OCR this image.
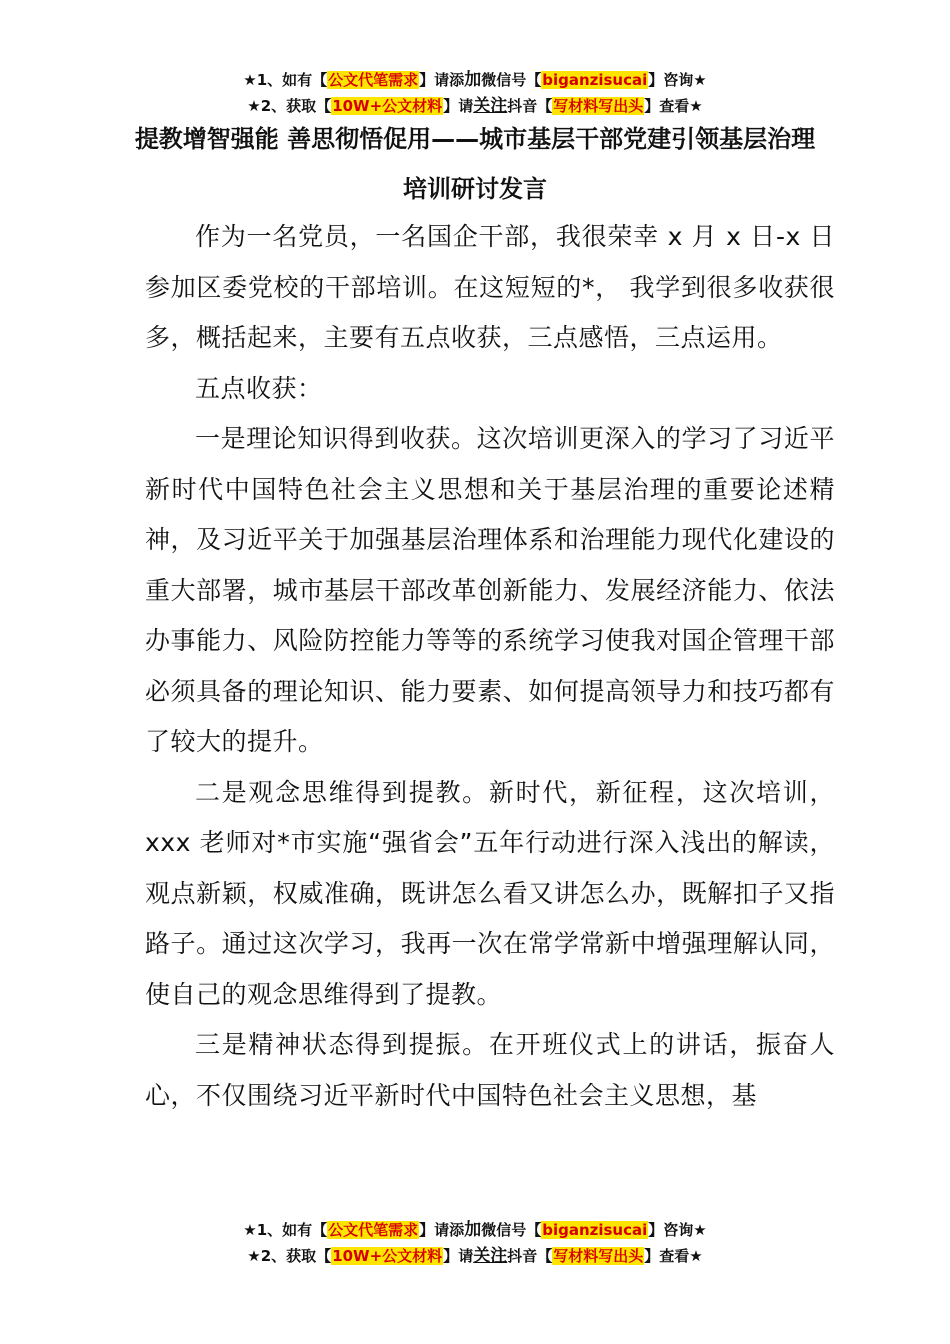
★1、如有【公文代笔需求】请添加微信号【biganzisucai】咨询★
★2、获取【10W+公文材料】请关注抖音【写材料写出头】查看★
提教增智强能 善思彻悟促用——城市基层干部党建引领基层治理培训研讨发言

作为一名党员，一名国企干部，我很荣幸 x 月 x 日-x 日参加区委党校的干部培训。在这短短的*， 我学到很多收获很多，概括起来，主要有五点收获，三点感悟，三点运用。

五点收获：

一是理论知识得到收获。这次培训更深入的学习了习近平新时代中国特色社会主义思想和关于基层治理的重要论述精神，及习近平关于加强基层治理体系和治理能力现代化建设的重大部署，城市基层干部改革创新能力、发展经济能力、依法办事能力、风险防控能力等等的系统学习使我对国企管理干部必须具备的理论知识、能力要素、如何提高领导力和技巧都有了较大的提升。

二是观念思维得到提教。新时代，新征程，这次培训，xxx 老师对*市实施“强省会”五年行动进行深入浅出的解读，观点新颖，权威准确，既讲怎么看又讲怎么办，既解扣子又指路子。通过这次学习，我再一次在常学常新中增强理解认同，使自己的观念思维得到了提教。

三是精神状态得到提振。在开班仪式上的讲话，振奋人心，不仅围绕习近平新时代中国特色社会主义思想，基

★1、如有【公文代笔需求】请添加微信号【biganzisucai】咨询★
★2、获取【10W+公文材料】请关注抖音【写材料写出头】查看★
